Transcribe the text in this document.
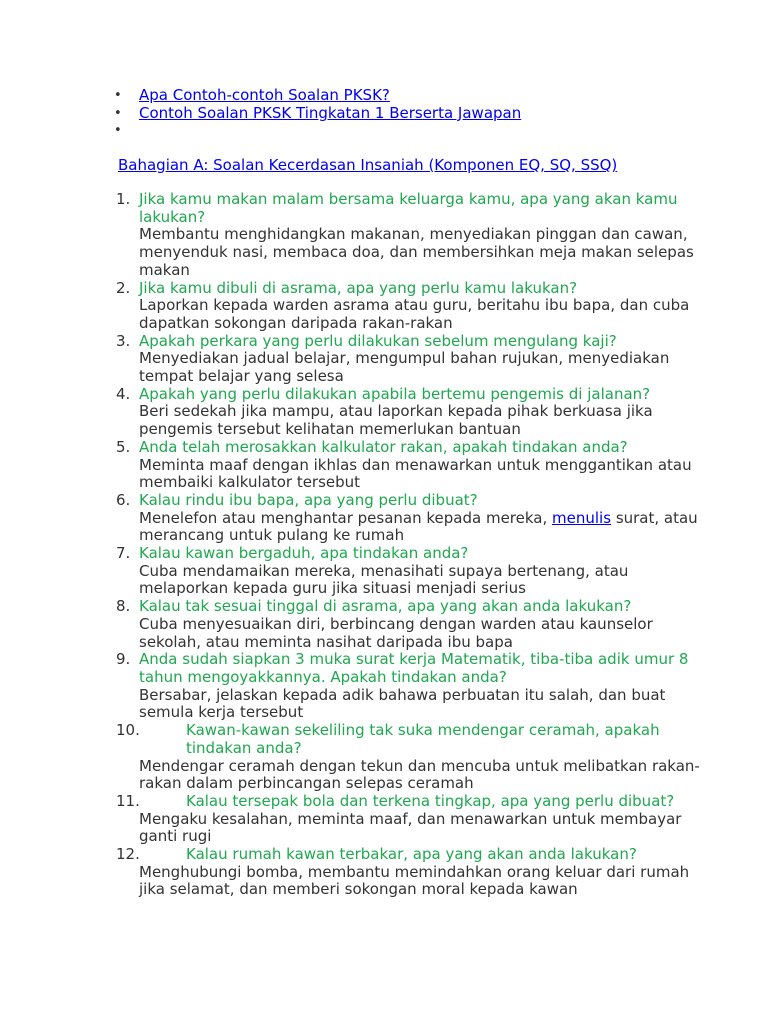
• Apa Contoh-contoh Soalan PKSK?
• Contoh Soalan PKSK Tingkatan 1 Berserta Jawapan
•
Bahagian A: Soalan Kecerdasan Insaniah (Komponen EQ, SQ, SSQ)
1. Jika kamu makan malam bersama keluarga kamu, apa yang akan kamu lakukan?
Membantu menghidangkan makanan, menyediakan pinggan dan cawan, menyenduk nasi, membaca doa, dan membersihkan meja makan selepas makan
2. Jika kamu dibuli di asrama, apa yang perlu kamu lakukan?
Laporkan kepada warden asrama atau guru, beritahu ibu bapa, dan cuba dapatkan sokongan daripada rakan-rakan
3. Apakah perkara yang perlu dilakukan sebelum mengulang kaji?
Menyediakan jadual belajar, mengumpul bahan rujukan, menyediakan tempat belajar yang selesa
4. Apakah yang perlu dilakukan apabila bertemu pengemis di jalanan?
Beri sedekah jika mampu, atau laporkan kepada pihak berkuasa jika pengemis tersebut kelihatan memerlukan bantuan
5. Anda telah merosakkan kalkulator rakan, apakah tindakan anda?
Meminta maaf dengan ikhlas dan menawarkan untuk menggantikan atau membaiki kalkulator tersebut
6. Kalau rindu ibu bapa, apa yang perlu dibuat?
Menelefon atau menghantar pesanan kepada mereka, menulis surat, atau merancang untuk pulang ke rumah
7. Kalau kawan bergaduh, apa tindakan anda?
Cuba mendamaikan mereka, menasihati supaya bertenang, atau melaporkan kepada guru jika situasi menjadi serius
8. Kalau tak sesuai tinggal di asrama, apa yang akan anda lakukan?
Cuba menyesuaikan diri, berbincang dengan warden atau kaunselor sekolah, atau meminta nasihat daripada ibu bapa
9. Anda sudah siapkan 3 muka surat kerja Matematik, tiba-tiba adik umur 8 tahun mengoyakkannya. Apakah tindakan anda?
Bersabar, jelaskan kepada adik bahawa perbuatan itu salah, dan buat semula kerja tersebut
10.	Kawan-kawan sekeliling tak suka mendengar ceramah, apakah tindakan anda?
Mendengar ceramah dengan tekun dan mencuba untuk melibatkan rakan-rakan dalam perbincangan selepas ceramah
11.	Kalau tersepak bola dan terkena tingkap, apa yang perlu dibuat?
Mengaku kesalahan, meminta maaf, dan menawarkan untuk membayar ganti rugi
12.	Kalau rumah kawan terbakar, apa yang akan anda lakukan?
Menghubungi bomba, membantu memindahkan orang keluar dari rumah jika selamat, dan memberi sokongan moral kepada kawan
